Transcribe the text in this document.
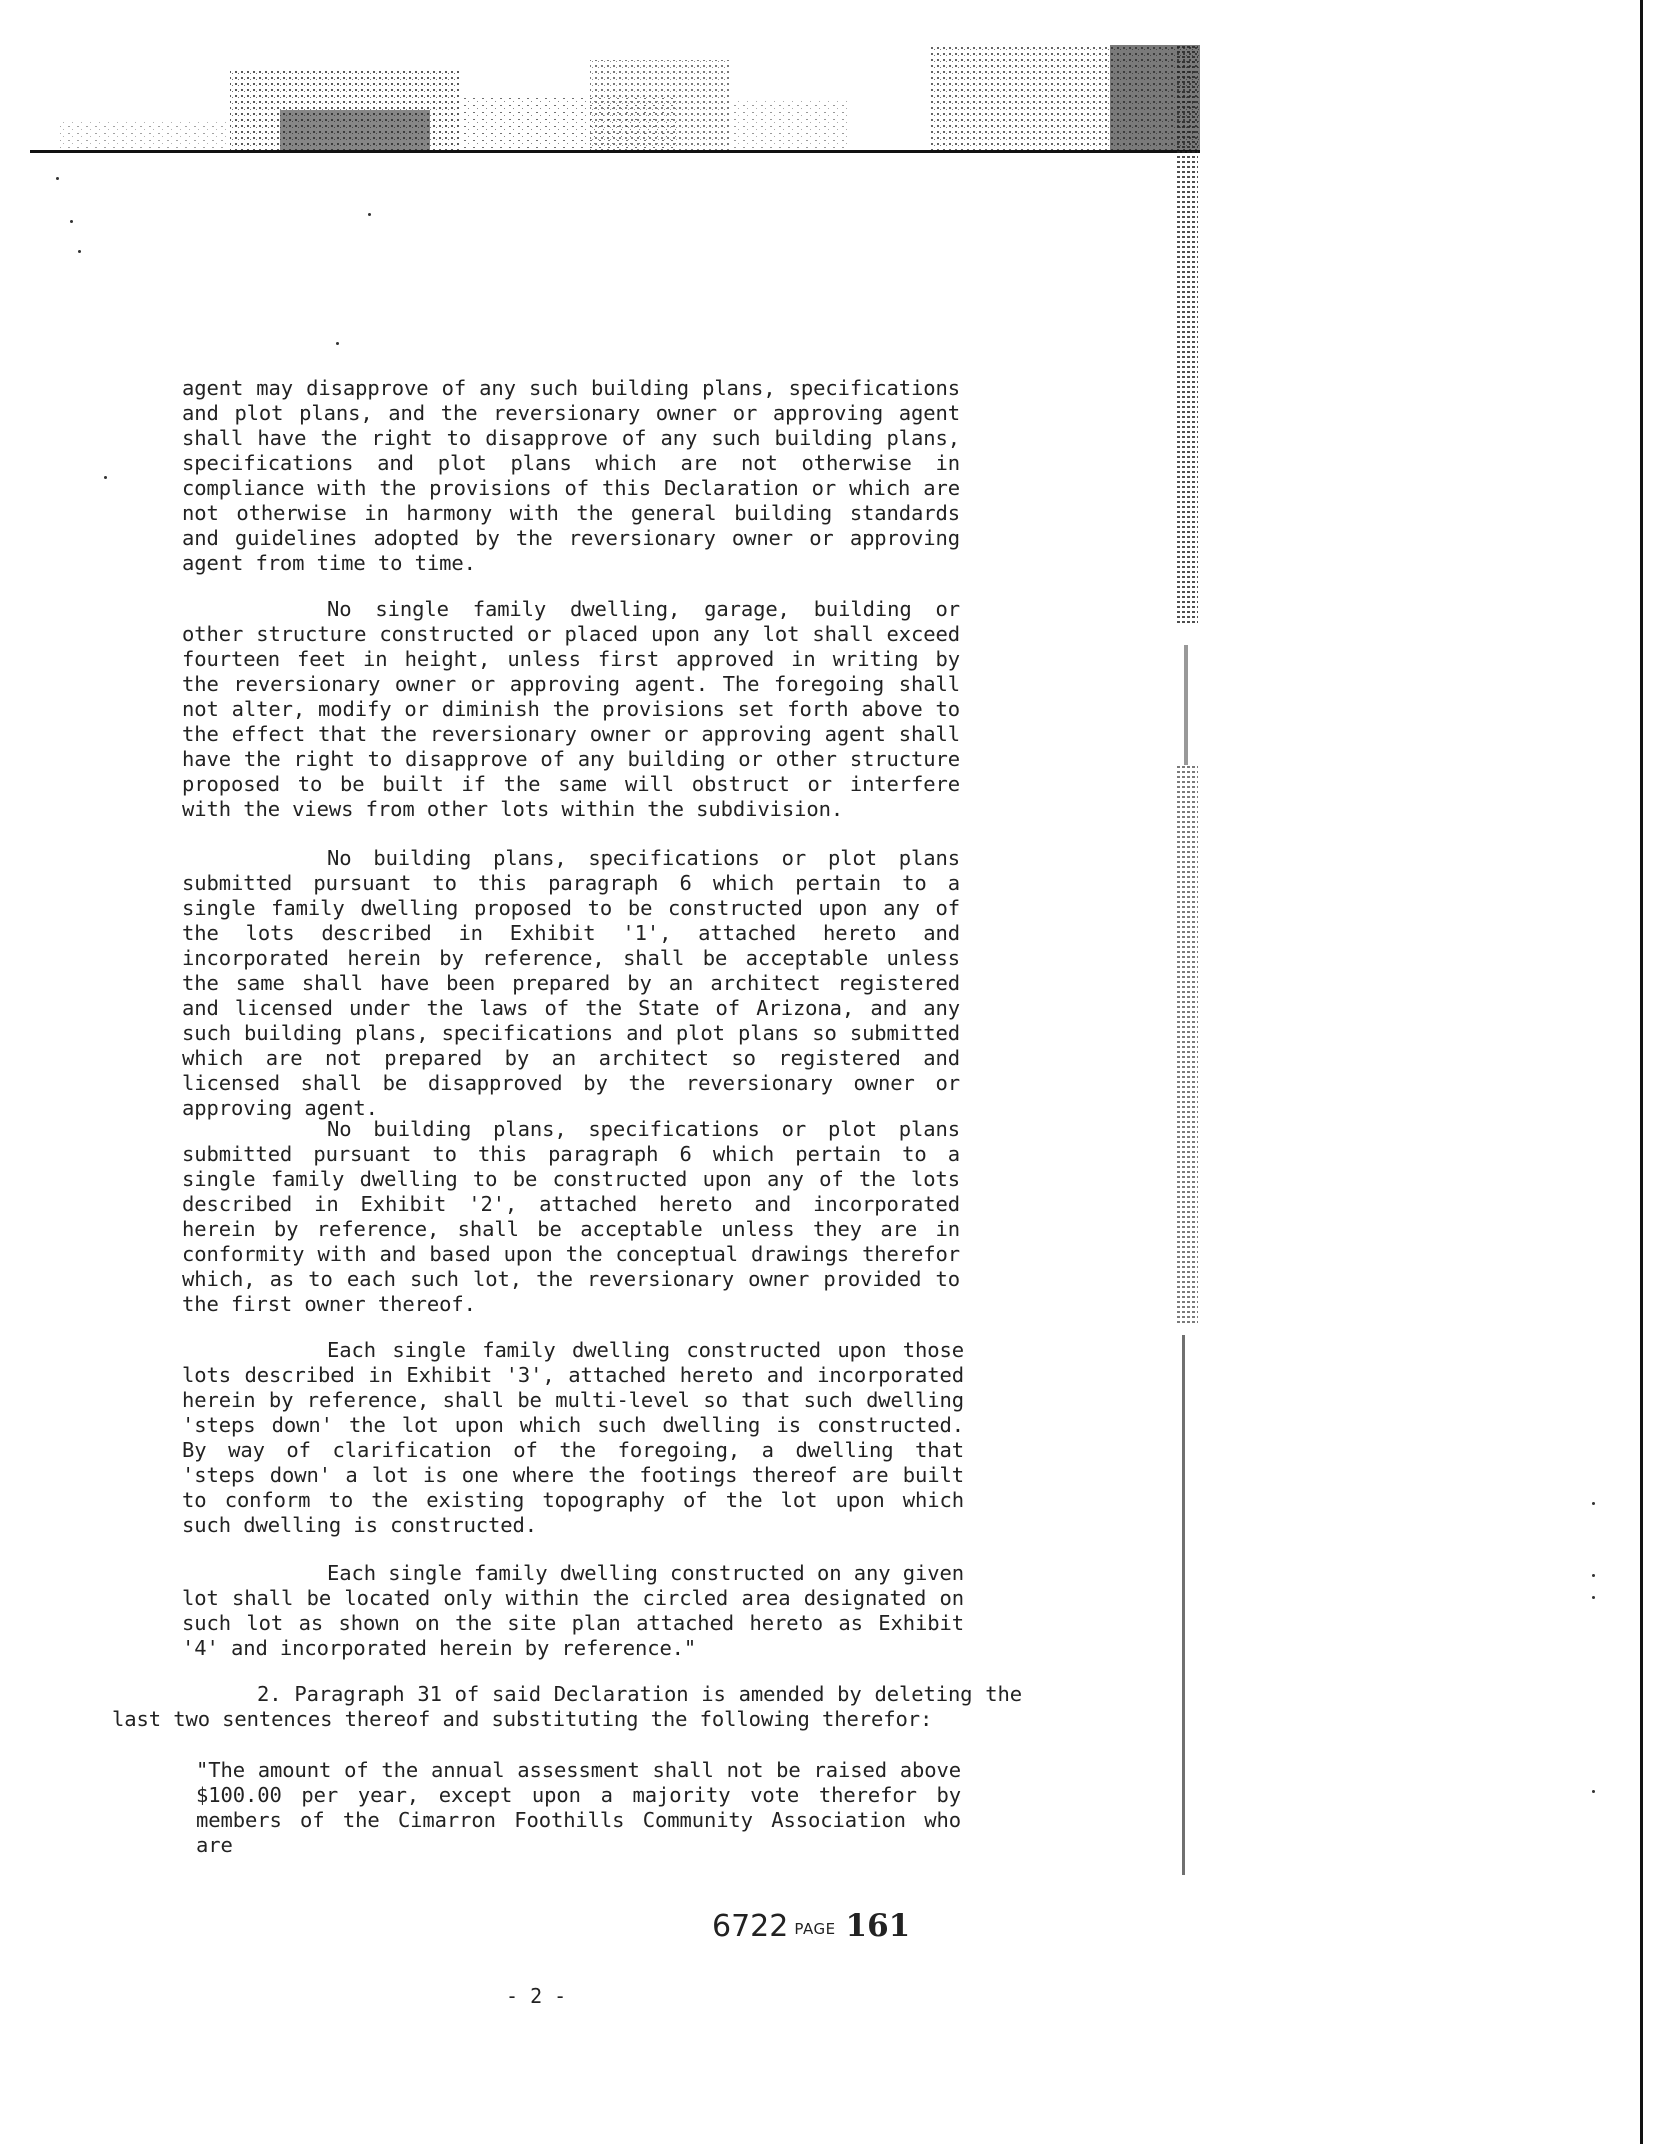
agent may disapprove of any such building plans, specifications and plot plans, and the reversionary owner or approving agent shall have the right to disapprove of any such building plans, specifications and plot plans which are not otherwise in compliance with the provisions of this Declaration or which are not otherwise in harmony with the general building standards and guidelines adopted by the reversionary owner or approving agent from time to time.

No single family dwelling, garage, building or other structure constructed or placed upon any lot shall exceed fourteen feet in height, unless first approved in writing by the reversionary owner or approving agent. The foregoing shall not alter, modify or diminish the provisions set forth above to the effect that the reversionary owner or approving agent shall have the right to disapprove of any building or other structure proposed to be built if the same will obstruct or interfere with the views from other lots within the subdivision.

No building plans, specifications or plot plans submitted pursuant to this paragraph 6 which pertain to a single family dwelling proposed to be constructed upon any of the lots described in Exhibit '1', attached hereto and incorporated herein by reference, shall be acceptable unless the same shall have been prepared by an architect registered and licensed under the laws of the State of Arizona, and any such building plans, specifications and plot plans so submitted which are not prepared by an architect so registered and licensed shall be disapproved by the reversionary owner or approving agent.

No building plans, specifications or plot plans submitted pursuant to this paragraph 6 which pertain to a single family dwelling to be constructed upon any of the lots described in Exhibit '2', attached hereto and incorporated herein by reference, shall be acceptable unless they are in conformity with and based upon the conceptual drawings therefor which, as to each such lot, the reversionary owner provided to the first owner thereof.

Each single family dwelling constructed upon those lots described in Exhibit '3', attached hereto and incorporated herein by reference, shall be multi-level so that such dwelling 'steps down' the lot upon which such dwelling is constructed. By way of clarification of the foregoing, a dwelling that 'steps down' a lot is one where the footings thereof are built to conform to the existing topography of the lot upon which such dwelling is constructed.

Each single family dwelling constructed on any given lot shall be located only within the circled area designated on such lot as shown on the site plan attached hereto as Exhibit '4' and incorporated herein by reference."

2. Paragraph 31 of said Declaration is amended by deleting the last two sentences thereof and substituting the following therefor:

"The amount of the annual assessment shall not be raised above $100.00 per year, except upon a majority vote therefor by members of the Cimarron Foothills Community Association who are

6722 PAGE 161
- 2 -
